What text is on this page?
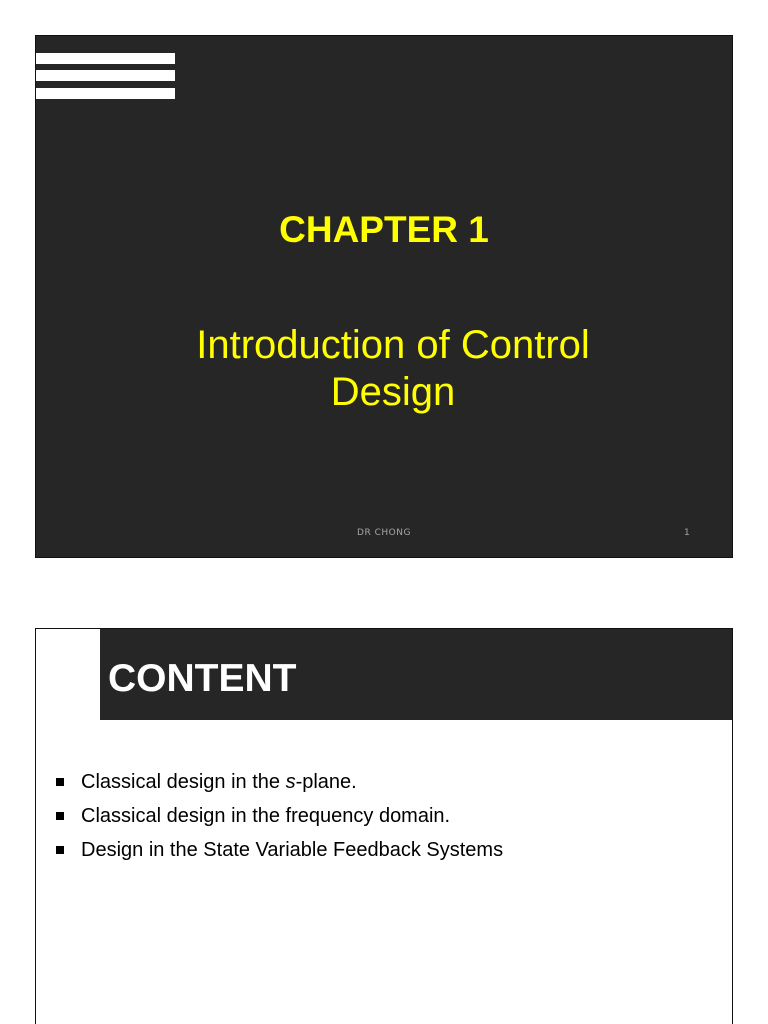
CHAPTER 1
Introduction of Control
Design
DR CHONG	1
CONTENT
Classical design in the s-plane.
Classical design in the frequency domain.
Design in the State Variable Feedback Systems
